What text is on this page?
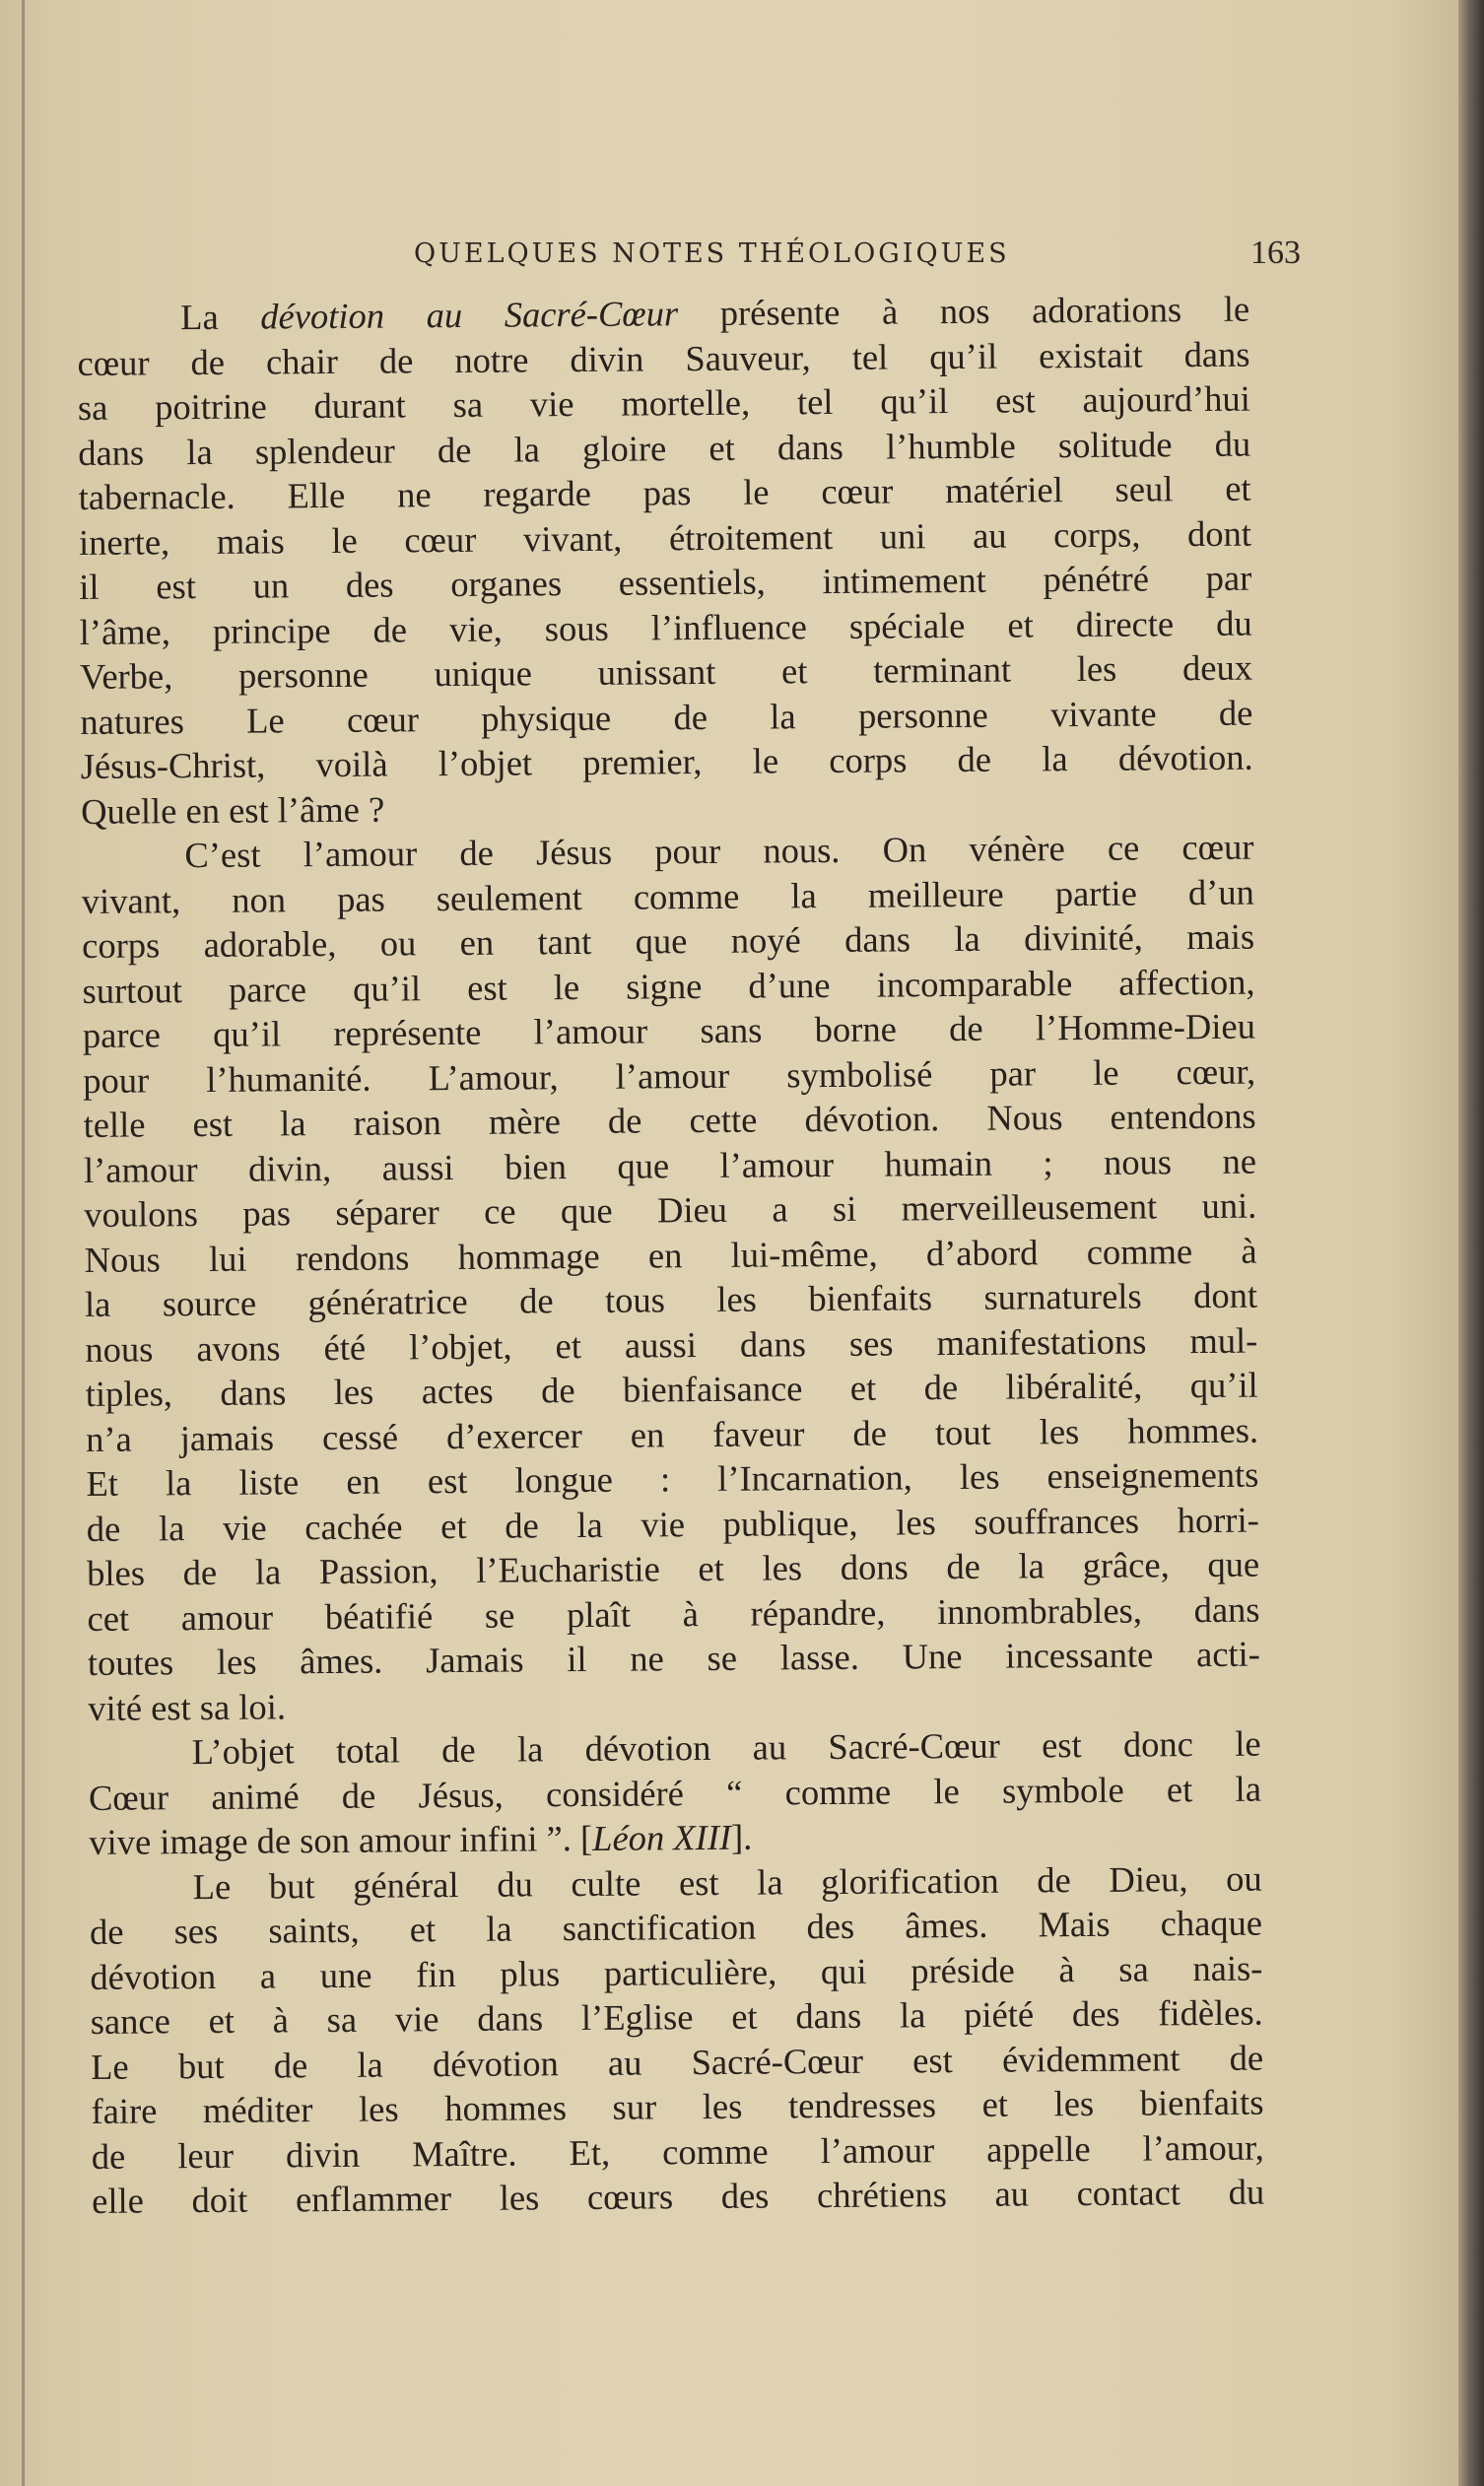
QUELQUES NOTES THÉOLOGIQUES	163
La dévotion au Sacré-Cœur présente à nos adorations le
cœur de chair de notre divin Sauveur, tel qu’il existait dans
sa poitrine durant sa vie mortelle, tel qu’il est aujourd’hui
dans la splendeur de la gloire et dans l’humble solitude du
tabernacle. Elle ne regarde pas le cœur matériel seul et
inerte, mais le cœur vivant, étroitement uni au corps, dont
il est un des organes essentiels, intimement pénétré par
l’âme, principe de vie, sous l’influence spéciale et directe du
Verbe, personne unique unissant et terminant les deux
natures Le cœur physique de la personne vivante de
Jésus-Christ, voilà l’objet premier, le corps de la dévotion.
Quelle en est l’âme ?
C’est l’amour de Jésus pour nous. On vénère ce cœur
vivant, non pas seulement comme la meilleure partie d’un
corps adorable, ou en tant que noyé dans la divinité, mais
surtout parce qu’il est le signe d’une incomparable affection,
parce qu’il représente l’amour sans borne de l’Homme-Dieu
pour l’humanité. L’amour, l’amour symbolisé par le cœur,
telle est la raison mère de cette dévotion. Nous entendons
l’amour divin, aussi bien que l’amour humain ; nous ne
voulons pas séparer ce que Dieu a si merveilleusement uni.
Nous lui rendons hommage en lui-même, d’abord comme à
la source génératrice de tous les bienfaits surnaturels dont
nous avons été l’objet, et aussi dans ses manifestations mul-
tiples, dans les actes de bienfaisance et de libéralité, qu’il
n’a jamais cessé d’exercer en faveur de tout les hommes.
Et la liste en est longue : l’Incarnation, les enseignements
de la vie cachée et de la vie publique, les souffrances horri-
bles de la Passion, l’Eucharistie et les dons de la grâce, que
cet amour béatifié se plaît à répandre, innombrables, dans
toutes les âmes. Jamais il ne se lasse. Une incessante acti-
vité est sa loi.
L’objet total de la dévotion au Sacré-Cœur est donc le
Cœur animé de Jésus, considéré “ comme le symbole et la
vive image de son amour infini ”. [Léon XIII].
Le but général du culte est la glorification de Dieu, ou
de ses saints, et la sanctification des âmes. Mais chaque
dévotion a une fin plus particulière, qui préside à sa nais-
sance et à sa vie dans l’Eglise et dans la piété des fidèles.
Le but de la dévotion au Sacré-Cœur est évidemment de
faire méditer les hommes sur les tendresses et les bienfaits
de leur divin Maître. Et, comme l’amour appelle l’amour,
elle doit enflammer les cœurs des chrétiens au contact du
